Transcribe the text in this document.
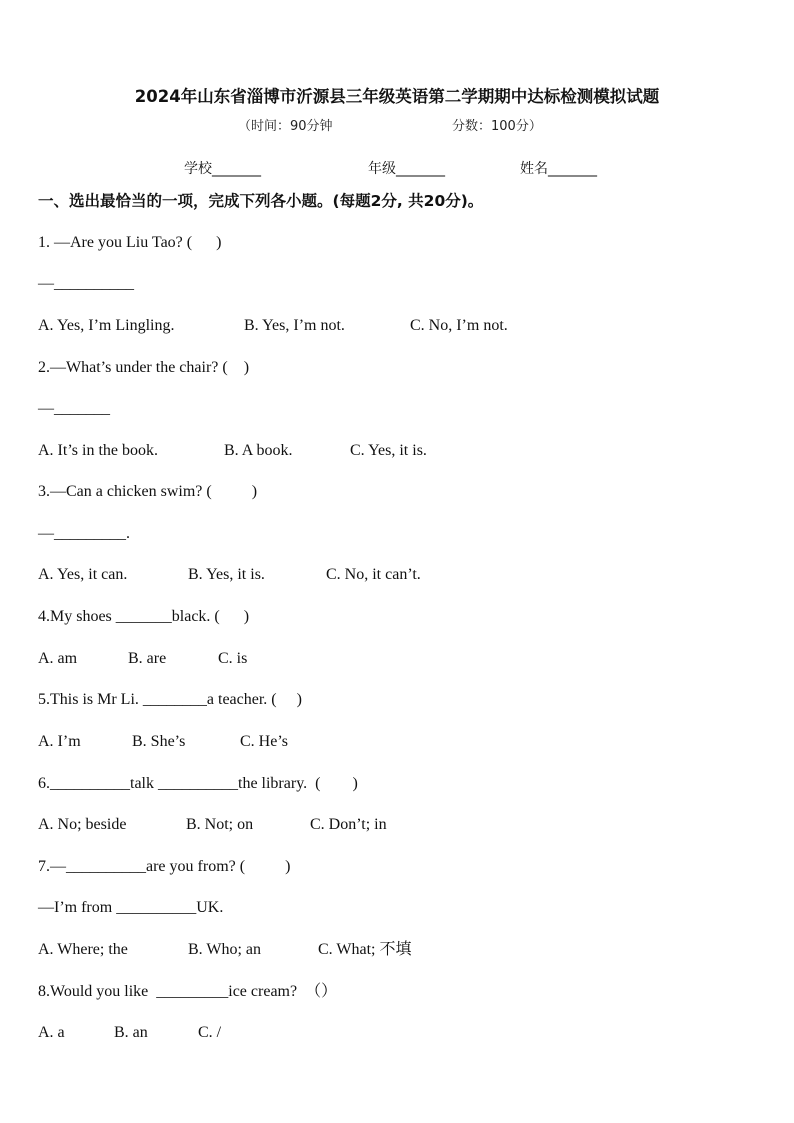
2024年山东省淄博市沂源县三年级英语第二学期期中达标检测模拟试题
（时间：90分钟	分数：100分）
学校_______	年级_______	姓名_______
一、选出最恰当的一项，完成下列各小题。(每题2分, 共20分)。
1. —Are you Liu Tao? (      )
—__________
A. Yes, I’m Lingling.	B. Yes, I’m not.	C. No, I’m not.
2.—What’s under the chair? (    )
—_______
A. It’s in the book.	B. A book.	C. Yes, it is.
3.—Can a chicken swim? (          )
—_________.
A. Yes, it can.	B. Yes, it is.	C. No, it can’t.
4.My shoes _______black. (      )
A. am	B. are	C. is
5.This is Mr Li. ________a teacher. (     )
A. I’m	B. She’s	C. He’s
6.__________talk __________the library.  (        )
A. No; beside	B. Not; on	C. Don’t; in
7.—__________are you from? (          )
—I’m from __________UK.
A. Where; the	B. Who; an	C. What; 不填
8.Would you like  _________ice cream?  （）
A. a	B. an	C. /
